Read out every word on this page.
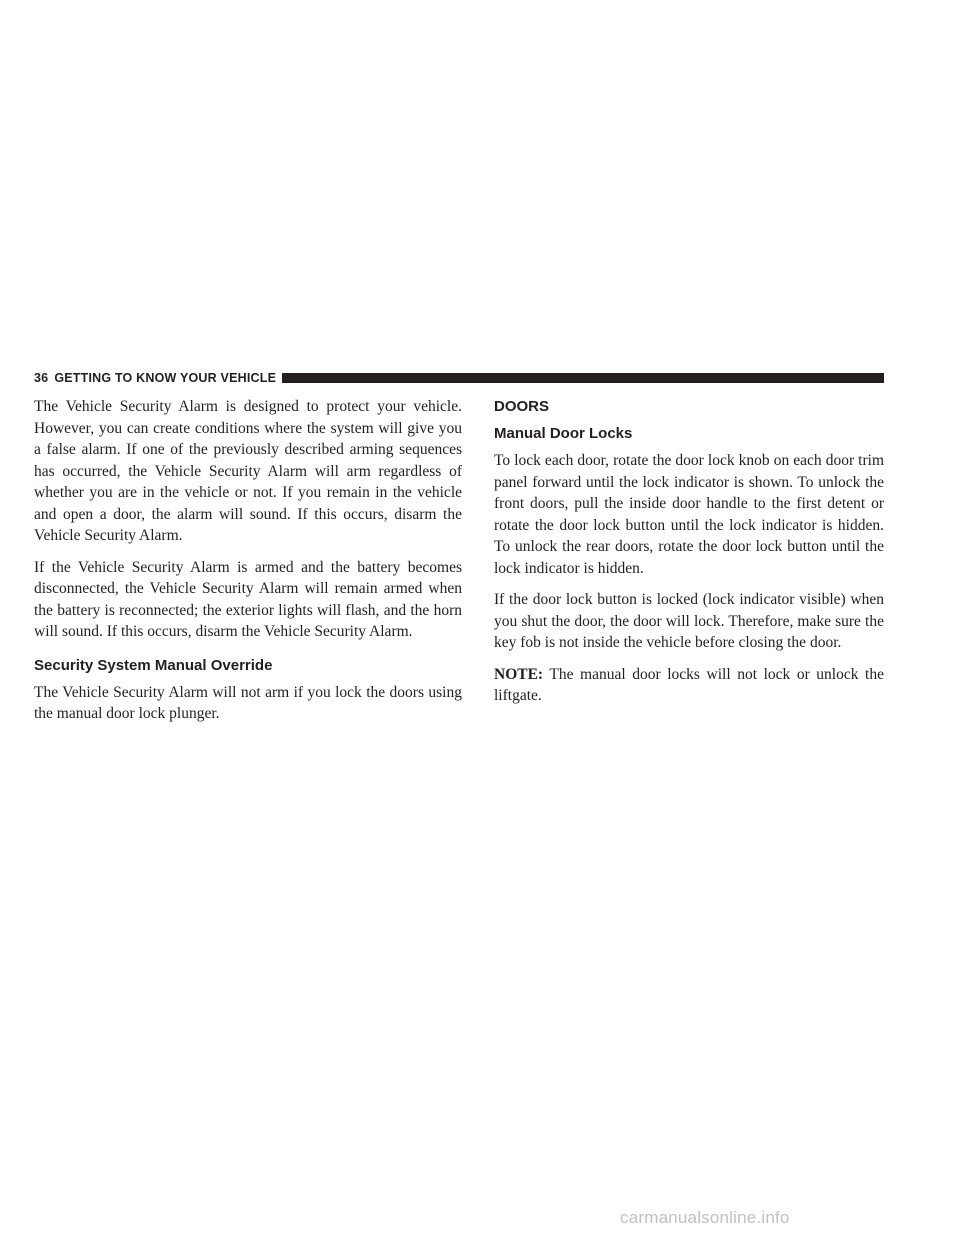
36 GETTING TO KNOW YOUR VEHICLE

The Vehicle Security Alarm is designed to protect your vehicle. However, you can create conditions where the system will give you a false alarm. If one of the previously described arming sequences has occurred, the Vehicle Security Alarm will arm regardless of whether you are in the vehicle or not. If you remain in the vehicle and open a door, the alarm will sound. If this occurs, disarm the Vehicle Security Alarm.

If the Vehicle Security Alarm is armed and the battery becomes disconnected, the Vehicle Security Alarm will remain armed when the battery is reconnected; the exterior lights will flash, and the horn will sound. If this occurs, disarm the Vehicle Security Alarm.

Security System Manual Override

The Vehicle Security Alarm will not arm if you lock the doors using the manual door lock plunger.

DOORS
Manual Door Locks

To lock each door, rotate the door lock knob on each door trim panel forward until the lock indicator is shown. To unlock the front doors, pull the inside door handle to the first detent or rotate the door lock button until the lock indicator is hidden. To unlock the rear doors, rotate the door lock button until the lock indicator is hidden.

If the door lock button is locked (lock indicator visible) when you shut the door, the door will lock. Therefore, make sure the key fob is not inside the vehicle before closing the door.

NOTE: The manual door locks will not lock or unlock the liftgate.

carmanualsonline.info
